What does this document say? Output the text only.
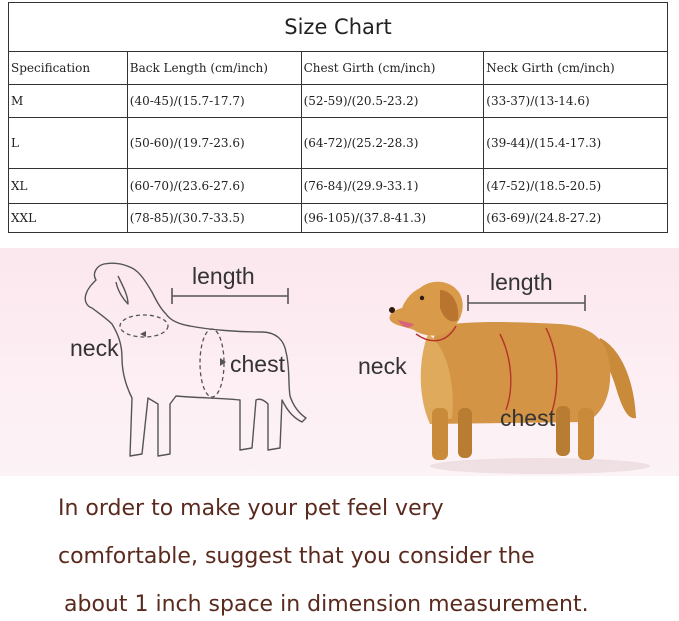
Size Chart			
Specification	Back Length (cm/inch)	Chest Girth (cm/inch)	Neck Girth (cm/inch)
M	(40-45)/(15.7-17.7)	(52-59)/(20.5-23.2)	(33-37)/(13-14.6)
L	(50-60)/(19.7-23.6)	(64-72)/(25.2-28.3)	(39-44)/(15.4-17.3)
XL	(60-70)/(23.6-27.6)	(76-84)/(29.9-33.1)	(47-52)/(18.5-20.5)
XXL	(78-85)/(30.7-33.5)	(96-105)/(37.8-41.3)	(63-69)/(24.8-27.2)
length
neck
chest
length
neck
chest
In order to make your pet feel very
comfortable, suggest that you consider the
about 1 inch space in dimension measurement.
